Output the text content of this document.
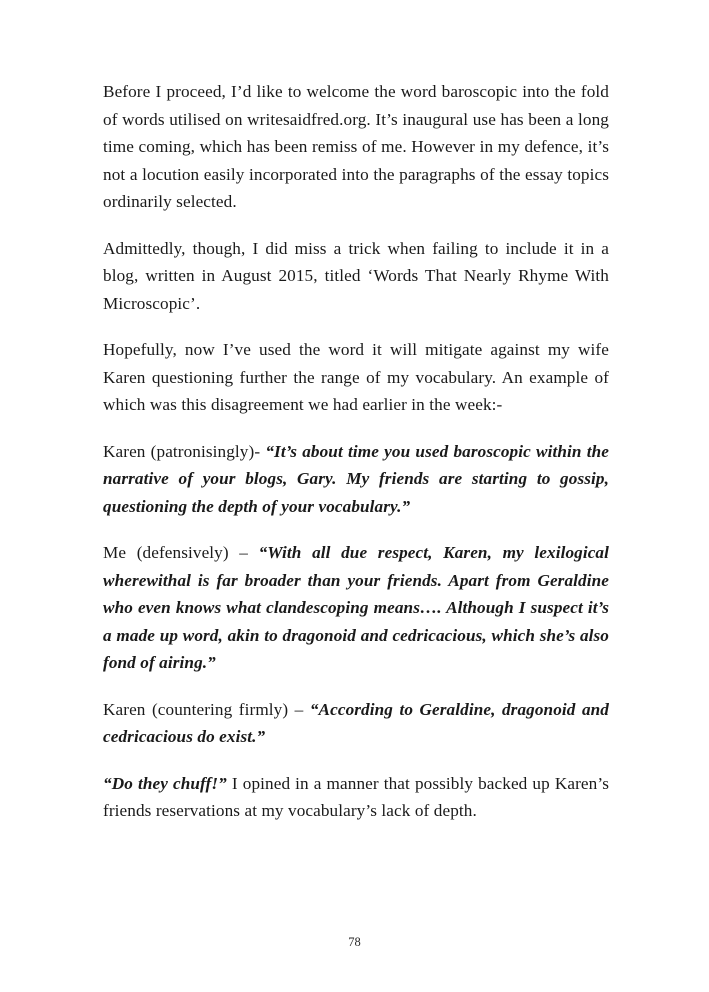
Before I proceed, I’d like to welcome the word baroscopic into the fold of words utilised on writesaidfred.org. It’s inaugural use has been a long time coming, which has been remiss of me. However in my defence, it’s not a locution easily incorporated into the paragraphs of the essay topics ordinarily selected.

Admittedly, though, I did miss a trick when failing to include it in a blog, written in August 2015, titled ‘Words That Nearly Rhyme With Microscopic’.

Hopefully, now I’ve used the word it will mitigate against my wife Karen questioning further the range of my vocabulary. An example of which was this disagreement we had earlier in the week:-

Karen (patronisingly)- “It’s about time you used baroscopic within the narrative of your blogs, Gary. My friends are starting to gossip, questioning the depth of your vocabulary.”

Me (defensively) – “With all due respect, Karen, my lexilogical wherewithal is far broader than your friends. Apart from Geraldine who even knows what clandescoping means…. Although I suspect it’s a made up word, akin to dragonoid and cedricacious, which she’s also fond of airing.”

Karen (countering firmly) – “According to Geraldine, dragonoid and cedricacious do exist.”

“Do they chuff!” I opined in a manner that possibly backed up Karen’s friends reservations at my vocabulary’s lack of depth.

78
